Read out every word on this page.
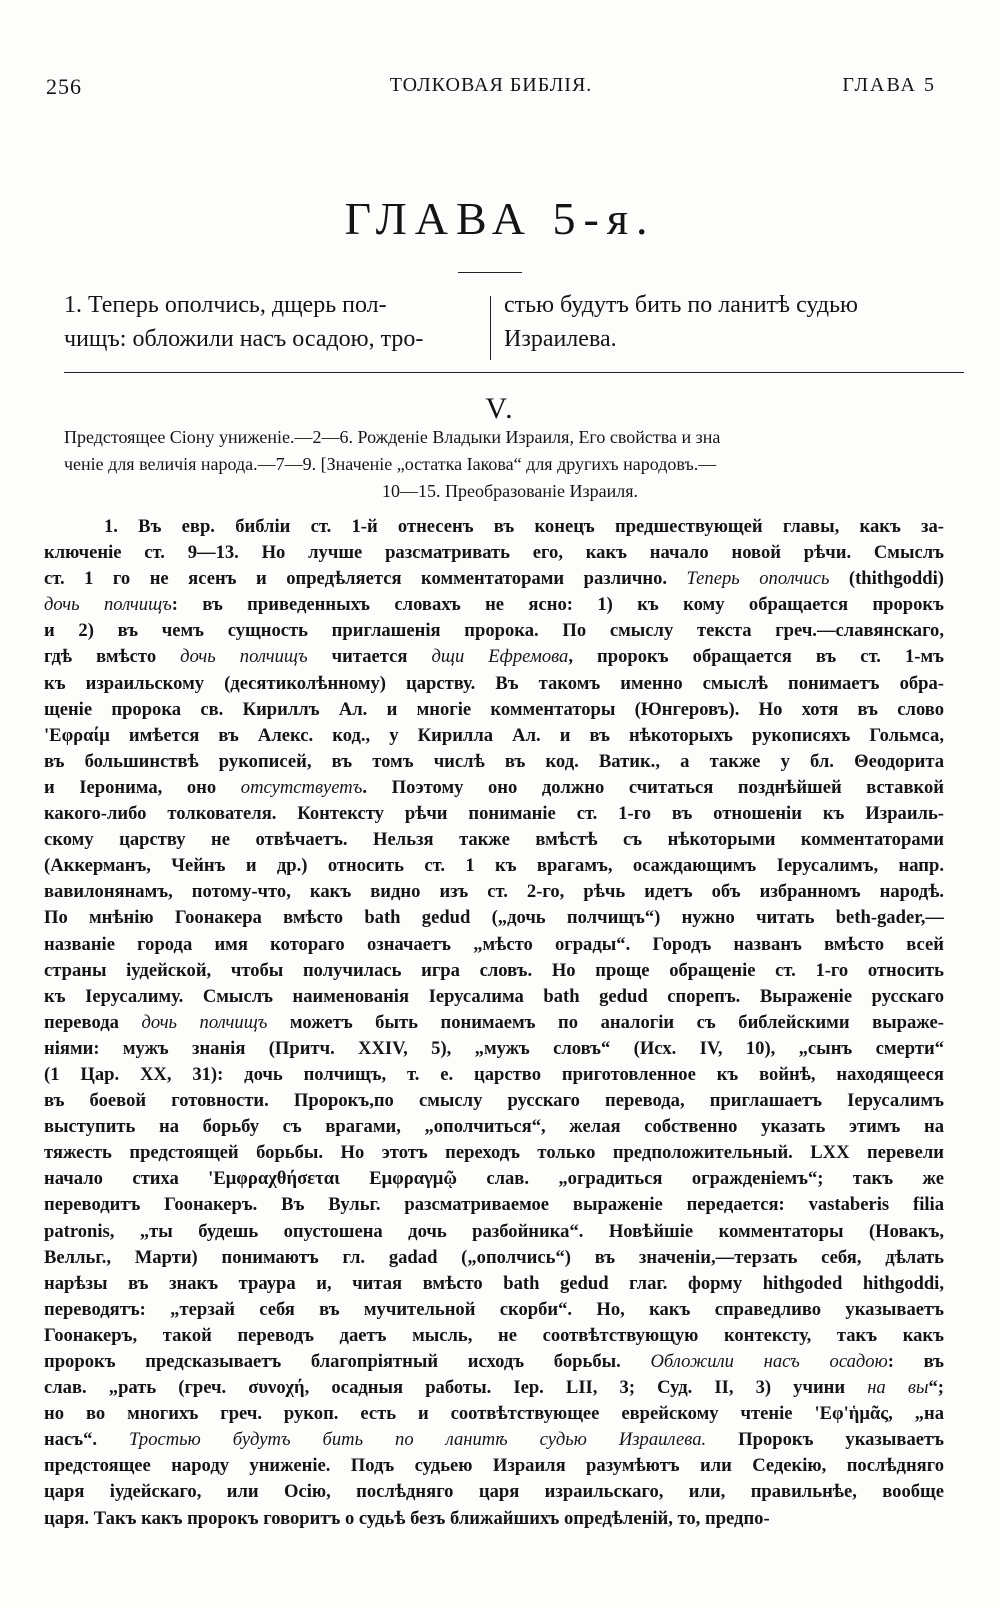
256	ТОЛКОВАЯ БИБЛІЯ.	ГЛАВА 5
ГЛАВА 5-я.
1. Теперь ополчись, дщерь пол-
чищъ: обложили насъ осадою, тро-
стью будутъ бить по ланитѣ судью
Израилева.
V.
Предстоящее Сіону униженіе.—2—6. Рожденіе Владыки Израиля, Его свойства и зна
ченіе для величія народа.—7—9. [Значеніе „остатка Іакова“ для другихъ народовъ.—
10—15. Преобразованіе Израиля.
1. Въ евр. библіи ст. 1-й отнесенъ въ конецъ предшествующей главы, какъ за-
ключеніе ст. 9—13. Но лучше разсматривать его, какъ начало новой рѣчи. Смыслъ
ст. 1 го не ясенъ и опредѣляется комментаторами различно. Теперь ополчись (thithgoddi)
дочь полчищъ: въ приведенныхъ словахъ не ясно: 1) къ кому обращается пророкъ
и 2) въ чемъ сущность приглашенія пророка. По смыслу текста греч.—славянскаго,
гдѣ вмѣсто дочь полчищъ читается дщи Ефремова, пророкъ обращается въ ст. 1-мъ
къ израильскому (десятиколѣнному) царству. Въ такомъ именно смыслѣ понимаетъ обра-
щеніе пророка св. Кириллъ Ал. и многіе комментаторы (Юнгеровъ). Но хотя въ слово
'Εφραίμ имѣется въ Алекс. код., у Кирилла Ал. и въ нѣкоторыхъ рукописяхъ Гольмса,
въ большинствѣ рукописей, въ томъ числѣ въ код. Ватик., а также у бл. Θеодорита
и Іеронима, оно отсутствуетъ. Поэтому оно должно считаться позднѣйшей вставкой
какого-либо толкователя. Контексту рѣчи пониманіе ст. 1-го въ отношеніи къ Израиль-
скому царству не отвѣчаетъ. Нельзя также вмѣстѣ съ нѣкоторыми комментаторами
(Аккерманъ, Чейнъ и др.) относить ст. 1 къ врагамъ, осаждающимъ Іерусалимъ, напр.
вавилонянамъ, потому-что, какъ видно изъ ст. 2-го, рѣчь идетъ объ избранномъ народѣ.
По мнѣнію Гоонакера вмѣсто bath gedud („дочь полчищъ“) нужно читать beth-gader,—
названіе города имя котораго означаетъ „мѣсто ограды“. Городъ названъ вмѣсто всей
страны іудейской, чтобы получилась игра словъ. Но проще обращеніе ст. 1-го относить
къ Іерусалиму. Смыслъ наименованія Іерусалима bath gedud спорепъ. Выраженіе русскаго
перевода дочь полчищъ можетъ быть понимаемъ по аналогіи съ библейскими выраже-
ніями: мужъ знанія (Притч. XXIV, 5), „мужъ словъ“ (Исх. IV, 10), „сынъ смерти“
(1 Цар. XX, 31): дочь полчищъ, т. е. царство приготовленное къ войнѣ, находящееся
въ боевой готовности. Пророкъ,по смыслу русскаго перевода, приглашаетъ Іерусалимъ
выступить на борьбу съ врагами, „ополчиться“, желая собственно указать этимъ на
тяжесть предстоящей борьбы. Но этотъ переходъ только предположительный. LXX перевели
начало стиха 'Εμφραχθήσεται Εμφραγμῷ слав. „оградиться огражденіемъ“; такъ же
переводитъ Гоонакеръ. Въ Вульг. разсматриваемое выраженіе передается: vastaberis filia
patronis, „ты будешь опустошена дочь разбойника“. Новѣйшіе комментаторы (Новакъ,
Велльг., Марти) понимаютъ гл. gadad („ополчись“) въ значеніи,—терзать себя, дѣлать
нарѣзы въ знакъ траура и, читая вмѣсто bath gedud глаг. форму hithgoded hithgoddi,
переводятъ: „терзай себя въ мучительной скорби“. Но, какъ справедливо указываетъ
Гоонакеръ, такой переводъ даетъ мысль, не соотвѣтствующую контексту, такъ какъ
пророкъ предсказываетъ благопріятный исходъ борьбы. Обложили насъ осадою: въ
слав. „рать (греч. συνοχή, осадныя работы. Іер. LII, 3; Суд. II, 3) учини на вы“;
но во многихъ греч. рукоп. есть и соотвѣтствующее еврейскому чтеніе 'Εφ'ἡμᾶς, „на
насъ“. Тростью будутъ бить по ланитѣ судью Израилева. Пророкъ указываетъ
предстоящее народу униженіе. Подъ судьею Израиля разумѣютъ или Седекію, послѣдняго
царя іудейскаго, или Осію, послѣдняго царя израильскаго, или, правильнѣе, вообще
царя. Такъ какъ пророкъ говоритъ о судьѣ безъ ближайшихъ опредѣленій, то, предпо-
